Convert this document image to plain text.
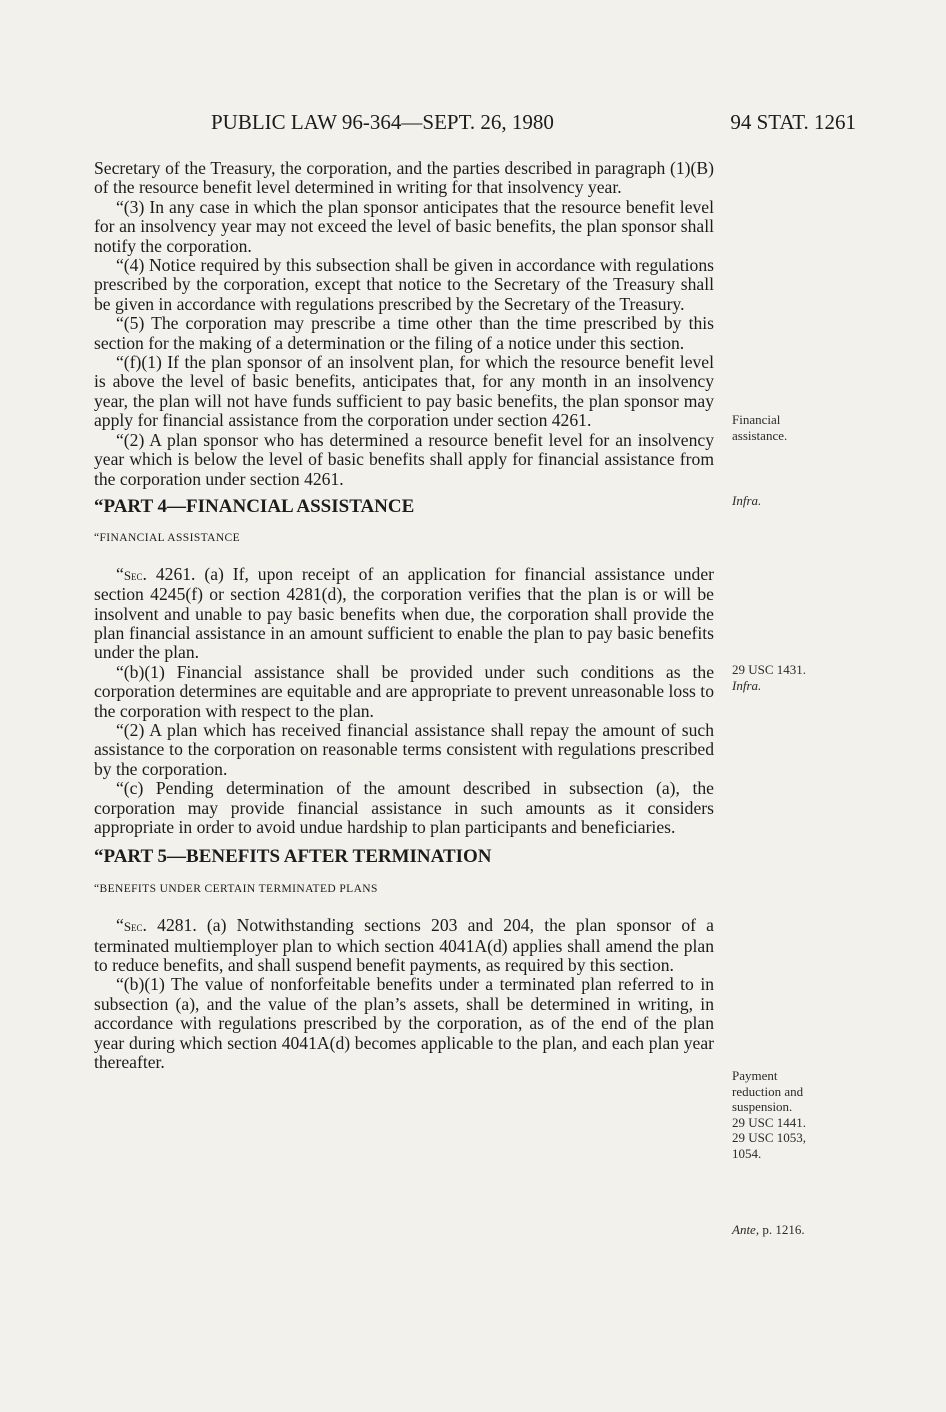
PUBLIC LAW 96-364—SEPT. 26, 1980	94 STAT. 1261

Secretary of the Treasury, the corporation, and the parties described in paragraph (1)(B) of the resource benefit level determined in writing for that insolvency year.

“(3) In any case in which the plan sponsor anticipates that the resource benefit level for an insolvency year may not exceed the level of basic benefits, the plan sponsor shall notify the corporation.

“(4) Notice required by this subsection shall be given in accordance with regulations prescribed by the corporation, except that notice to the Secretary of the Treasury shall be given in accordance with regulations prescribed by the Secretary of the Treasury.

“(5) The corporation may prescribe a time other than the time prescribed by this section for the making of a determination or the filing of a notice under this section.

“(f)(1) If the plan sponsor of an insolvent plan, for which the resource benefit level is above the level of basic benefits, anticipates that, for any month in an insolvency year, the plan will not have funds sufficient to pay basic benefits, the plan sponsor may apply for financial assistance from the corporation under section 4261.

“(2) A plan sponsor who has determined a resource benefit level for an insolvency year which is below the level of basic benefits shall apply for financial assistance from the corporation under section 4261.

“PART 4—FINANCIAL ASSISTANCE

“FINANCIAL ASSISTANCE

“Sec. 4261. (a) If, upon receipt of an application for financial assistance under section 4245(f) or section 4281(d), the corporation verifies that the plan is or will be insolvent and unable to pay basic benefits when due, the corporation shall provide the plan financial assistance in an amount sufficient to enable the plan to pay basic benefits under the plan.

“(b)(1) Financial assistance shall be provided under such conditions as the corporation determines are equitable and are appropriate to prevent unreasonable loss to the corporation with respect to the plan.

“(2) A plan which has received financial assistance shall repay the amount of such assistance to the corporation on reasonable terms consistent with regulations prescribed by the corporation.

“(c) Pending determination of the amount described in subsection (a), the corporation may provide financial assistance in such amounts as it considers appropriate in order to avoid undue hardship to plan participants and beneficiaries.

“PART 5—BENEFITS AFTER TERMINATION

“BENEFITS UNDER CERTAIN TERMINATED PLANS

“Sec. 4281. (a) Notwithstanding sections 203 and 204, the plan sponsor of a terminated multiemployer plan to which section 4041A(d) applies shall amend the plan to reduce benefits, and shall suspend benefit payments, as required by this section.

“(b)(1) The value of nonforfeitable benefits under a terminated plan referred to in subsection (a), and the value of the plan’s assets, shall be determined in writing, in accordance with regulations prescribed by the corporation, as of the end of the plan year during which section 4041A(d) becomes applicable to the plan, and each plan year thereafter.

Financial
assistance.
Infra.
29 USC 1431.
Infra.
Payment
reduction and
suspension.
29 USC 1441.
29 USC 1053,
1054.
Ante, p. 1216.
